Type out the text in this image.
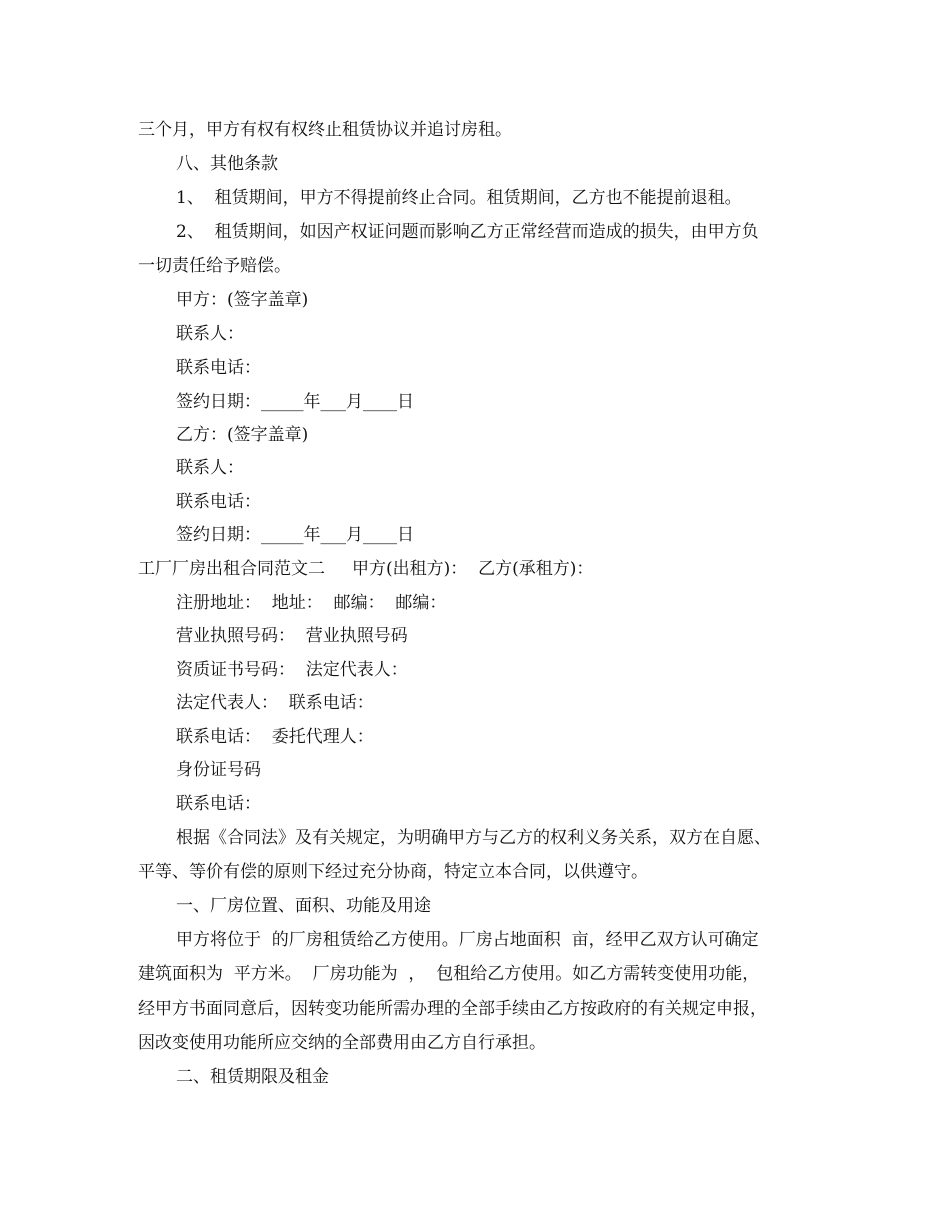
三个月，甲方有权有权终止租赁协议并追讨房租。
八、其他条款
1、  租赁期间，甲方不得提前终止合同。租赁期间，乙方也不能提前退租。
2、  租赁期间，如因产权证问题而影响乙方正常经营而造成的损失，由甲方负
一切责任给予赔偿。
甲方：(签字盖章)
联系人：
联系电话：
签约日期：_____年___月____日
乙方：(签字盖章)
联系人：
联系电话：
签约日期：_____年___月____日
工厂厂房出租合同范文二     甲方(出租方)：  乙方(承租方)：
注册地址：  地址：  邮编：  邮编：
营业执照号码：  营业执照号码
资质证书号码：  法定代表人：
法定代表人：  联系电话：
联系电话：  委托代理人：
身份证号码
联系电话：
根据《合同法》及有关规定，为明确甲方与乙方的权利义务关系，双方在自愿、
平等、等价有偿的原则下经过充分协商，特定立本合同，以供遵守。
一、厂房位置、面积、功能及用途
甲方将位于  的厂房租赁给乙方使用。厂房占地面积  亩，经甲乙双方认可确定
建筑面积为  平方米。  厂房功能为  ，  包租给乙方使用。如乙方需转变使用功能，
经甲方书面同意后，因转变功能所需办理的全部手续由乙方按政府的有关规定申报，
因改变使用功能所应交纳的全部费用由乙方自行承担。
二、租赁期限及租金
